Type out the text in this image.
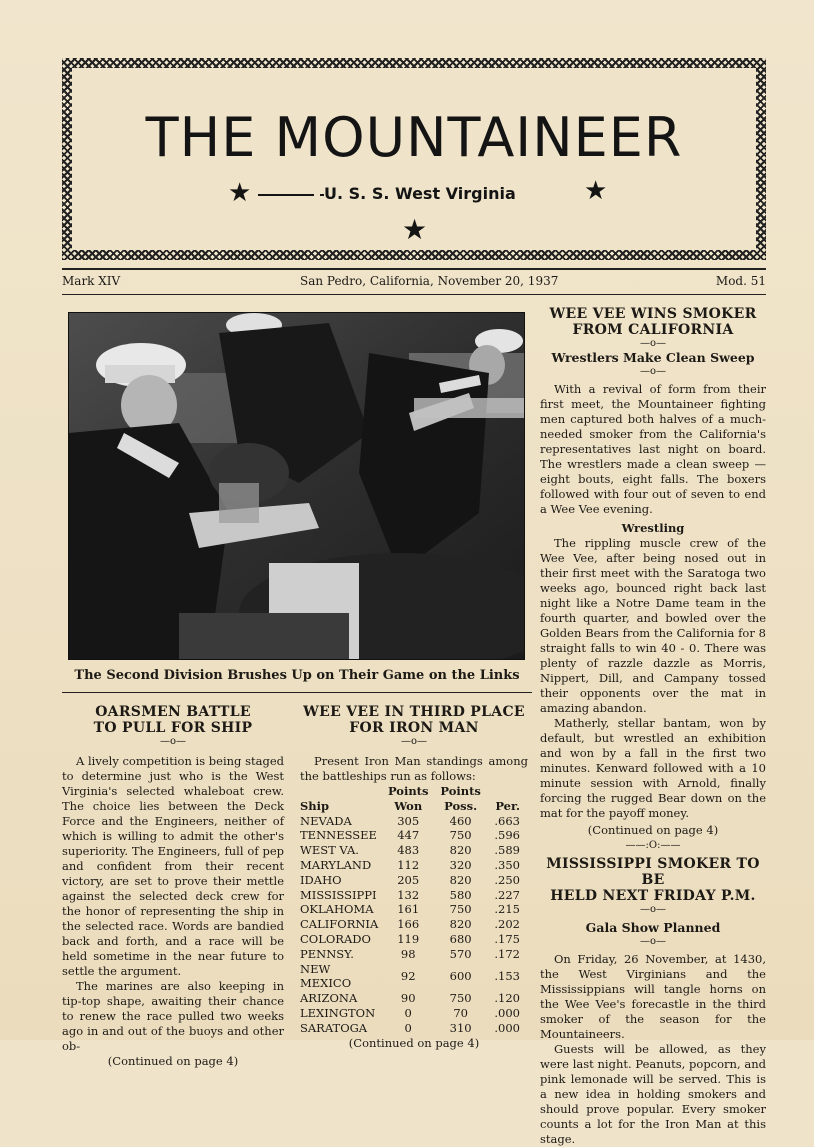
THE MOUNTAINEER
★	U. S. S. West Virginia	★
★
Mark XIV	San Pedro, California, November 20, 1937	Mod. 51
The Second Division Brushes Up on Their Game on the Links
OARSMEN BATTLE
TO PULL FOR SHIP
—o—

A lively competition is being staged to determine just who is the West Virginia's selected whaleboat crew. The choice lies between the Deck Force and the Engineers, neither of which is willing to admit the other's superiority. The Engineers, full of pep and confident from their recent victory, are set to prove their mettle against the selected deck crew for the honor of representing the ship in the selected race. Words are bandied back and forth, and a race will be held sometime in the near future to settle the argument.

The marines are also keeping in tip-top shape, awaiting their chance to renew the race pulled two weeks ago in and out of the buoys and other ob-

(Continued on page 4)
WEE VEE IN THIRD PLACE
FOR IRON MAN
—o—

Present Iron Man standings among the battleships run as follows:

	Points	Points	
Ship	Won	Poss.	Per.
NEVADA	305	460	.663
TENNESSEE	447	750	.596
WEST VA.	483	820	.589
MARYLAND	112	320	.350
IDAHO	205	820	.250
MISSISSIPPI	132	580	.227
OKLAHOMA	161	750	.215
CALIFORNIA	166	820	.202
COLORADO	119	680	.175
PENNSY.	98	570	.172
NEW MEXICO	92	600	.153
ARIZONA	90	750	.120
LEXINGTON	0	70	.000
SARATOGA	0	310	.000
(Continued on page 4)
WEE VEE WINS SMOKER
FROM CALIFORNIA
—o—
Wrestlers Make Clean Sweep
—o—

With a revival of form from their first meet, the Mountaineer fighting men captured both halves of a much-needed smoker from the California's representatives last night on board. The wrestlers made a clean sweep — eight bouts, eight falls. The boxers followed with four out of seven to end a Wee Vee evening.

Wrestling

The rippling muscle crew of the Wee Vee, after being nosed out in their first meet with the Saratoga two weeks ago, bounced right back last night like a Notre Dame team in the fourth quarter, and bowled over the Golden Bears from the California for 8 straight falls to win 40 - 0. There was plenty of razzle dazzle as Morris, Nippert, Dill, and Campany tossed their opponents over the mat in amazing abandon.

Matherly, stellar bantam, won by default, but wrestled an exhibition and won by a fall in the first two minutes. Kenward followed with a 10 minute session with Arnold, finally forcing the rugged Bear down on the mat for the payoff money.

(Continued on page 4)
——:O:——
MISSISSIPPI SMOKER TO BE
HELD NEXT FRIDAY P.M.
—o—
Gala Show Planned
—o—

On Friday, 26 November, at 1430, the West Virginians and the Mississippians will tangle horns on the Wee Vee's forecastle in the third smoker of the season for the Mountaineers.

Guests will be allowed, as they were last night. Peanuts, popcorn, and pink lemonade will be served. This is a new idea in holding smokers and should prove popular. Every smoker counts a lot for the Iron Man at this stage.
